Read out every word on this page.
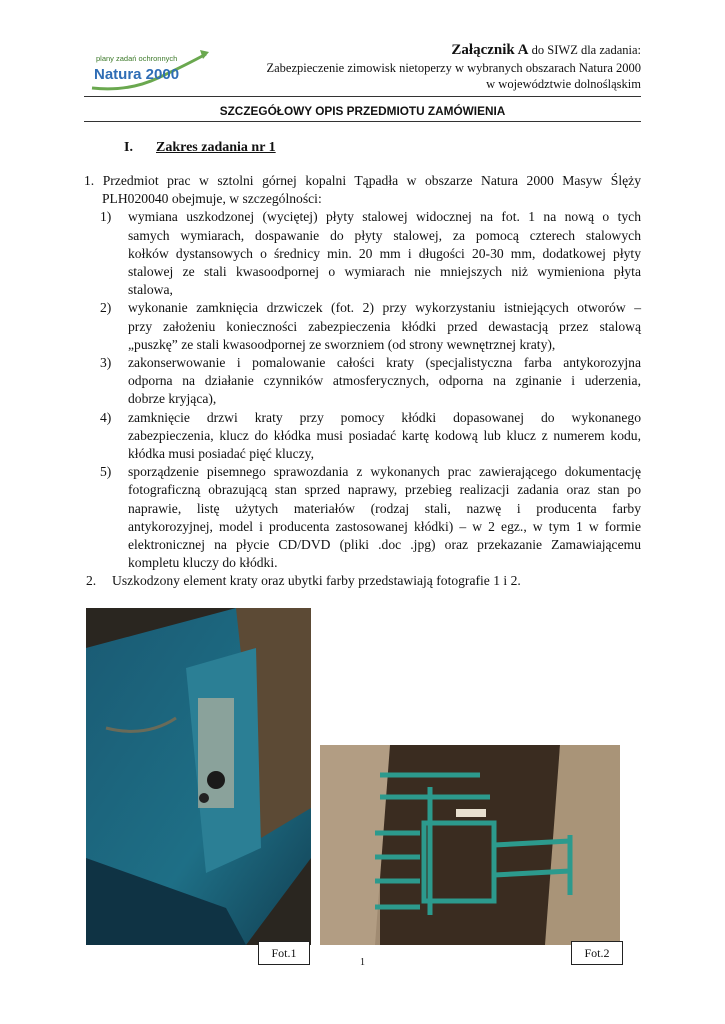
plany zadań ochronnych
Natura 2000
Załącznik A do SIWZ dla zadania:
Zabezpieczenie zimowisk nietoperzy w wybranych obszarach Natura 2000
w województwie dolnośląskim
SZCZEGÓŁOWY OPIS PRZEDMIOTU ZAMÓWIENIA
I. Zakres zadania nr 1
1. Przedmiot prac w sztolni górnej kopalni Tąpadła w obszarze Natura 2000 Masyw Ślęży
PLH020040 obejmuje, w szczególności:
1) wymiana uszkodzonej (wyciętej) płyty stalowej widocznej na fot. 1 na nową o tych
samych wymiarach, dospawanie do płyty stalowej, za pomocą czterech stalowych
kołków dystansowych o średnicy min. 20 mm i długości 20-30 mm, dodatkowej płyty
stalowej ze stali kwasoodpornej o wymiarach nie mniejszych niż wymieniona płyta
stalowa,
2) wykonanie zamknięcia drzwiczek (fot. 2) przy wykorzystaniu istniejących otworów –
przy założeniu konieczności zabezpieczenia kłódki przed dewastacją przez stalową
„puszkę” ze stali kwasoodpornej ze sworzniem (od strony wewnętrznej kraty),
3) zakonserwowanie i pomalowanie całości kraty (specjalistyczna farba antykorozyjna
odporna na działanie czynników atmosferycznych, odporna na zginanie i uderzenia,
dobrze kryjąca),
4) zamknięcie drzwi kraty przy pomocy kłódki dopasowanej do wykonanego
zabezpieczenia, klucz do kłódka musi posiadać kartę kodową lub klucz z numerem kodu,
kłódka musi posiadać pięć kluczy,
5) sporządzenie pisemnego sprawozdania z wykonanych prac zawierającego dokumentację
fotograficzną obrazującą stan sprzed naprawy, przebieg realizacji zadania oraz stan po
naprawie, listę użytych materiałów (rodzaj stali, nazwę i producenta farby
antykorozyjnej, model i producenta zastosowanej kłódki) – w 2 egz., w tym 1 w formie
elektronicznej na płycie CD/DVD (pliki .doc .jpg) oraz przekazanie Zamawiającemu
kompletu kluczy do kłódki.
2. Uszkodzony element kraty oraz ubytki farby przedstawiają fotografie 1 i 2.
Fot.1	Fot.2
1
